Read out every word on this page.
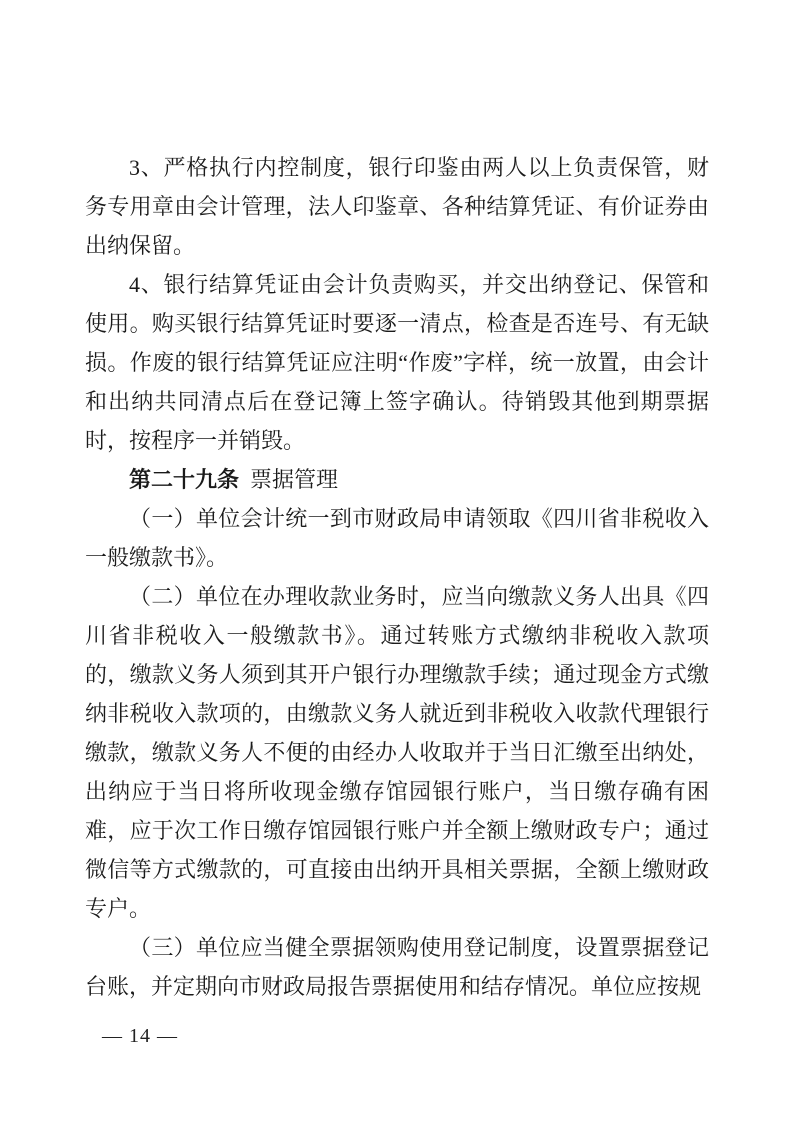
3、严格执行内控制度，银行印鉴由两人以上负责保管，财务专用章由会计管理，法人印鉴章、各种结算凭证、有价证券由出纳保留。

4、银行结算凭证由会计负责购买，并交出纳登记、保管和使用。购买银行结算凭证时要逐一清点，检查是否连号、有无缺损。作废的银行结算凭证应注明“作废”字样，统一放置，由会计和出纳共同清点后在登记簿上签字确认。待销毁其他到期票据时，按程序一并销毁。

第二十九条 票据管理

（一）单位会计统一到市财政局申请领取《四川省非税收入一般缴款书》。

（二）单位在办理收款业务时，应当向缴款义务人出具《四川省非税收入一般缴款书》。通过转账方式缴纳非税收入款项的，缴款义务人须到其开户银行办理缴款手续；通过现金方式缴纳非税收入款项的，由缴款义务人就近到非税收入收款代理银行缴款，缴款义务人不便的由经办人收取并于当日汇缴至出纳处，出纳应于当日将所收现金缴存馆园银行账户，当日缴存确有困难，应于次工作日缴存馆园银行账户并全额上缴财政专户；通过微信等方式缴款的，可直接由出纳开具相关票据，全额上缴财政专户。

（三）单位应当健全票据领购使用登记制度，设置票据登记台账，并定期向市财政局报告票据使用和结存情况。单位应按规

— 14 —
